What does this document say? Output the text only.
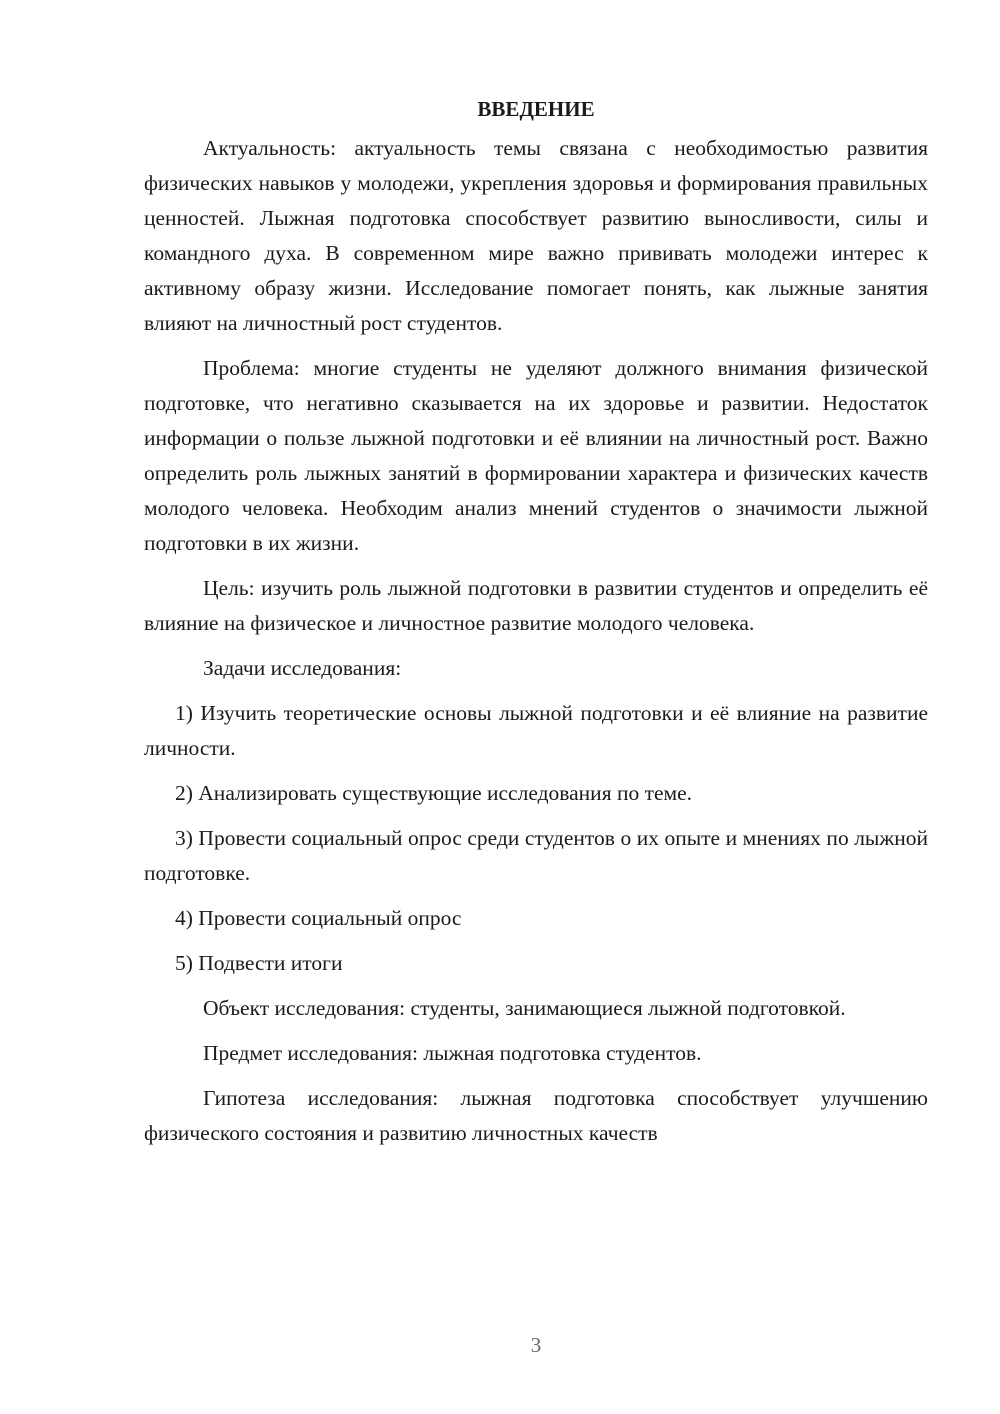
ВВЕДЕНИЕ

Актуальность: актуальность темы связана с необходимостью развития физических навыков у молодежи, укрепления здоровья и формирования правильных ценностей. Лыжная подготовка способствует развитию выносливости, силы и командного духа. В современном мире важно прививать молодежи интерес к активному образу жизни. Исследование помогает понять, как лыжные занятия влияют на личностный рост студентов.

Проблема: многие студенты не уделяют должного внимания физической подготовке, что негативно сказывается на их здоровье и развитии. Недостаток информации о пользе лыжной подготовки и её влиянии на личностный рост. Важно определить роль лыжных занятий в формировании характера и физических качеств молодого человека. Необходим анализ мнений студентов о значимости лыжной подготовки в их жизни.

Цель: изучить роль лыжной подготовки в развитии студентов и определить её влияние на физическое и личностное развитие молодого человека.

Задачи исследования:

1) Изучить теоретические основы лыжной подготовки и её влияние на развитие личности.

2) Анализировать существующие исследования по теме.

3) Провести социальный опрос среди студентов о их опыте и мнениях по лыжной подготовке.

4) Провести социальный опрос

5) Подвести итоги

Объект исследования: студенты, занимающиеся лыжной подготовкой.

Предмет исследования: лыжная подготовка студентов.

Гипотеза исследования: лыжная подготовка способствует улучшению физического состояния и развитию личностных качеств

3
